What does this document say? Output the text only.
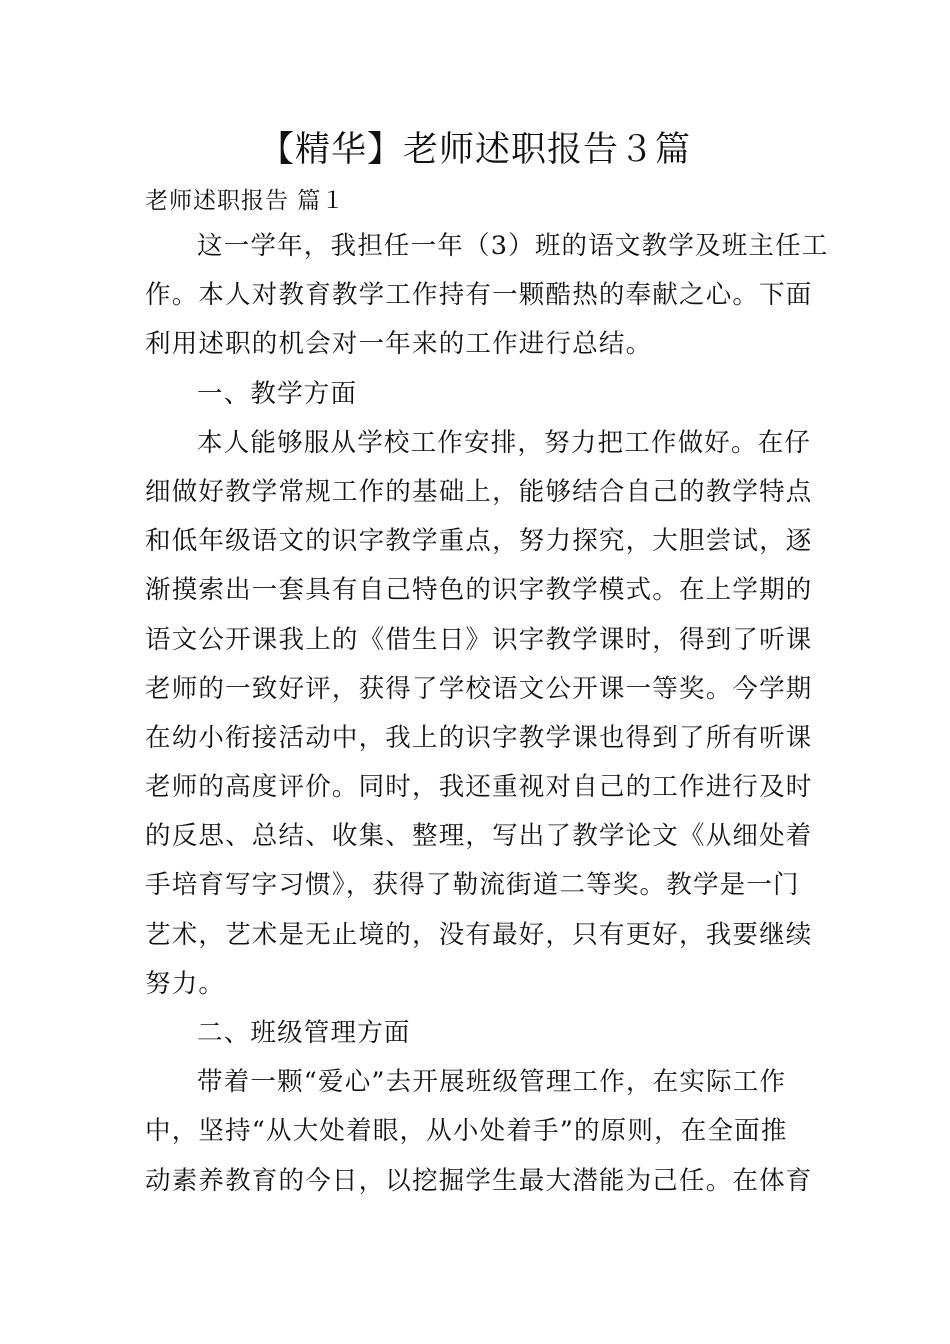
【精华】老师述职报告３篇
老师述职报告 篇１
这一学年，我担任一年（3）班的语文教学及班主任工
作。本人对教育教学工作持有一颗酷热的奉献之心。下面
利用述职的机会对一年来的工作进行总结。
一、教学方面
本人能够服从学校工作安排，努力把工作做好。在仔
细做好教学常规工作的基础上，能够结合自己的教学特点
和低年级语文的识字教学重点，努力探究，大胆尝试，逐
渐摸索出一套具有自己特色的识字教学模式。在上学期的
语文公开课我上的《借生日》识字教学课时，得到了听课
老师的一致好评，获得了学校语文公开课一等奖。今学期
在幼小衔接活动中，我上的识字教学课也得到了所有听课
老师的高度评价。同时，我还重视对自己的工作进行及时
的反思、总结、收集、整理，写出了教学论文《从细处着
手培育写字习惯》，获得了勒流街道二等奖。教学是一门
艺术，艺术是无止境的，没有最好，只有更好，我要继续
努力。
二、班级管理方面
带着一颗“爱心”去开展班级管理工作，在实际工作
中，坚持“从大处着眼，从小处着手”的原则，在全面推
动素养教育的今日，以挖掘学生最大潜能为己任。在体育
